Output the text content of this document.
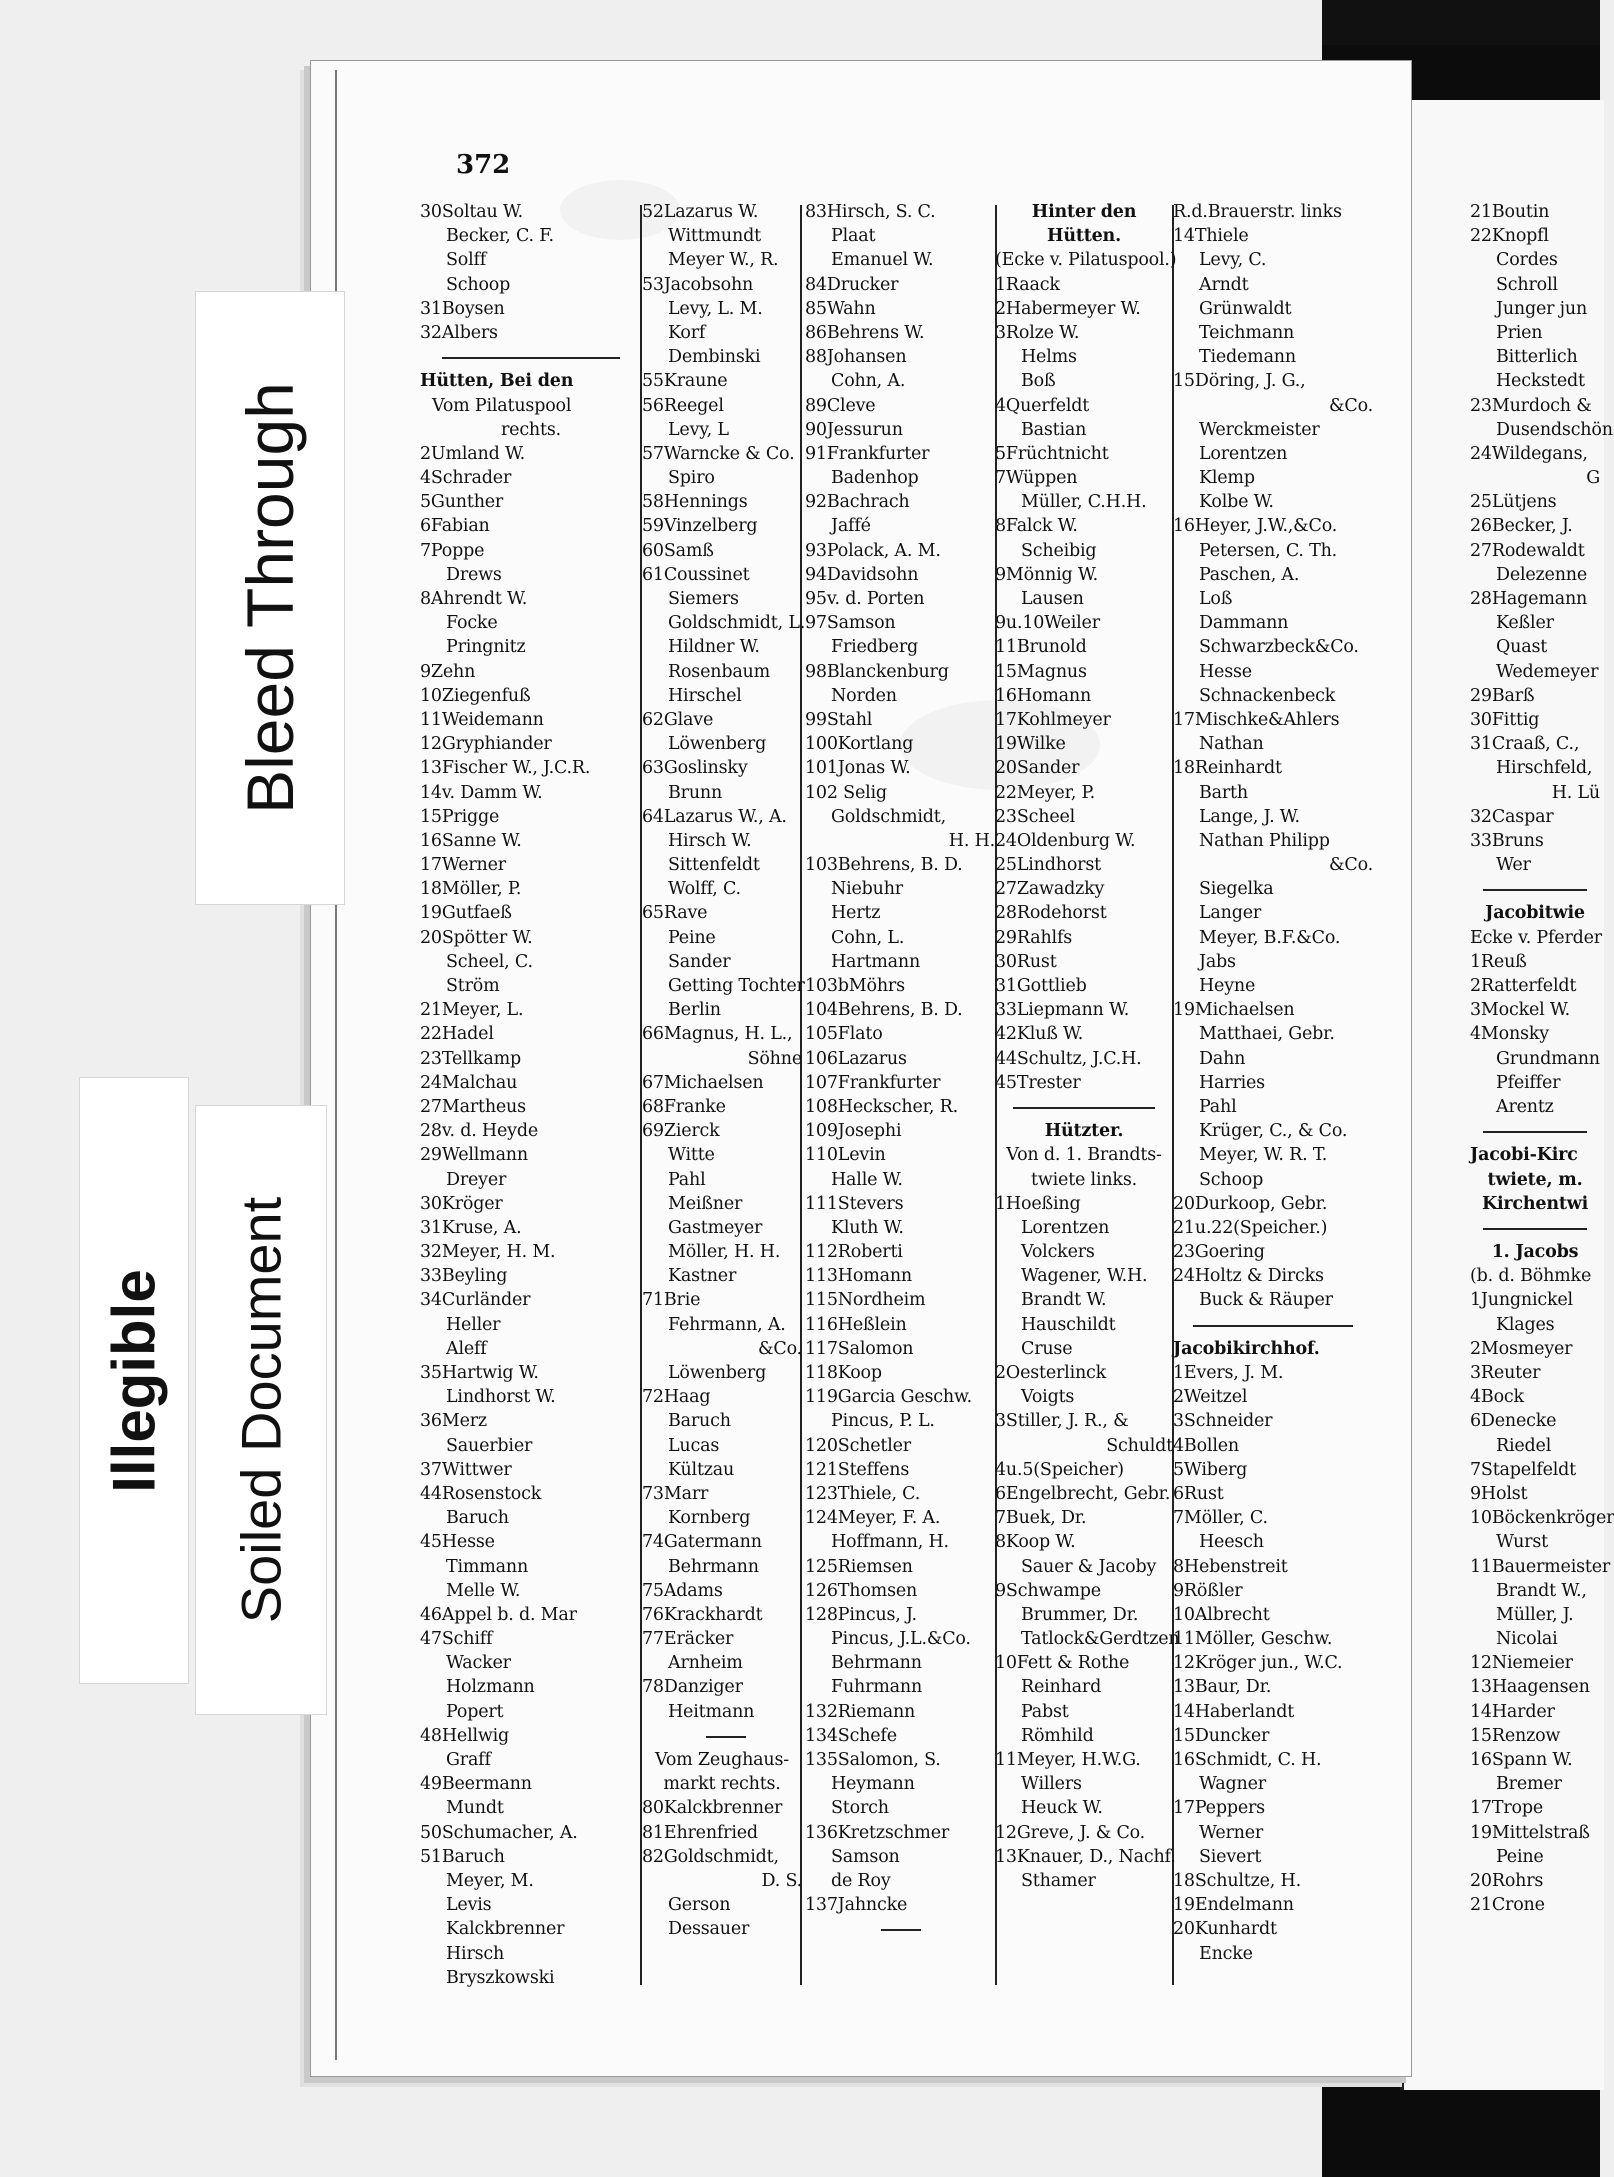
372
30Soltau W.
Becker, C. F.
Solff
Schoop
31Boysen
32Albers
Hütten, Bei den
Vom Pilatuspool
rechts.
2Umland W.
4Schrader
5Gunther
6Fabian
7Poppe
Drews
8Ahrendt W.
Focke
Pringnitz
9Zehn
10Ziegenfuß
11Weidemann
12Gryphiander
13Fischer W., J.C.R.
14v. Damm W.
15Prigge
16Sanne W.
17Werner
18Möller, P.
19Gutfaeß
20Spötter W.
Scheel, C.
Ström
21Meyer, L.
22Hadel
23Tellkamp
24Malchau
27Martheus
28v. d. Heyde
29Wellmann
Dreyer
30Kröger
31Kruse, A.
32Meyer, H. M.
33Beyling
34Curländer
Heller
Aleff
35Hartwig W.
Lindhorst W.
36Merz
Sauerbier
37Wittwer
44Rosenstock
Baruch
45Hesse
Timmann
Melle W.
46Appel b. d. Mar
47Schiff
Wacker
Holzmann
Popert
48Hellwig
Graff
49Beermann
Mundt
50Schumacher, A.
51Baruch
Meyer, M.
Levis
Kalckbrenner
Hirsch
Bryszkowski
52Lazarus W.
Wittmundt
Meyer W., R.
53Jacobsohn
Levy, L. M.
Korf
Dembinski
55Kraune
56Reegel
Levy, L
57Warncke & Co.
Spiro
58Hennings
59Vinzelberg
60Samß
61Coussinet
Siemers
Goldschmidt, L.
Hildner W.
Rosenbaum
Hirschel
62Glave
Löwenberg
63Goslinsky
Brunn
64Lazarus W., A.
Hirsch W.
Sittenfeldt
Wolff, C.
65Rave
Peine
Sander
Getting Tochter
Berlin
66Magnus, H. L.,
Söhne
67Michaelsen
68Franke
69Zierck
Witte
Pahl
Meißner
Gastmeyer
Möller, H. H.
Kastner
71Brie
Fehrmann, A.
&Co.
Löwenberg
72Haag
Baruch
Lucas
Kültzau
73Marr
Kornberg
74Gatermann
Behrmann
75Adams
76Krackhardt
77Eräcker
Arnheim
78Danziger
Heitmann
Vom Zeughaus-
markt rechts.
80Kalckbrenner
81Ehrenfried
82Goldschmidt,
D. S.
Gerson
Dessauer
83Hirsch, S. C.
Plaat
Emanuel W.
84Drucker
85Wahn
86Behrens W.
88Johansen
Cohn, A.
89Cleve
90Jessurun
91Frankfurter
Badenhop
92Bachrach
Jaffé
93Polack, A. M.
94Davidsohn
95v. d. Porten
97Samson
Friedberg
98Blanckenburg
Norden
99Stahl
100Kortlang
101Jonas W.
102 Selig
Goldschmidt,
H. H.
103Behrens, B. D.
Niebuhr
Hertz
Cohn, L.
Hartmann
103bMöhrs
104Behrens, B. D.
105Flato
106Lazarus
107Frankfurter
108Heckscher, R.
109Josephi
110Levin
Halle W.
111Stevers
Kluth W.
112Roberti
113Homann
115Nordheim
116Heßlein
117Salomon
118Koop
119Garcia Geschw.
Pincus, P. L.
120Schetler
121Steffens
123Thiele, C.
124Meyer, F. A.
Hoffmann, H.
125Riemsen
126Thomsen
128Pincus, J.
Pincus, J.L.&Co.
Behrmann
Fuhrmann
132Riemann
134Schefe
135Salomon, S.
Heymann
Storch
136Kretzschmer
Samson
de Roy
137Jahncke
Hinter den
Hütten.
(Ecke v. Pilatuspool.)
1Raack
2Habermeyer W.
3Rolze W.
Helms
Boß
4Querfeldt
Bastian
5Früchtnicht
7Wüppen
Müller, C.H.H.
8Falck W.
Scheibig
9Mönnig W.
Lausen
9u.10Weiler
11Brunold
15Magnus
16Homann
17Kohlmeyer
19Wilke
20Sander
22Meyer, P.
23Scheel
24Oldenburg W.
25Lindhorst
27Zawadzky
28Rodehorst
29Rahlfs
30Rust
31Gottlieb
33Liepmann W.
42Kluß W.
44Schultz, J.C.H.
45Trester
Hützter.
Von d. 1. Brandts-
twiete links.
1Hoeßing
Lorentzen
Volckers
Wagener, W.H.
Brandt W.
Hauschildt
Cruse
2Oesterlinck
Voigts
3Stiller, J. R., &
Schuldt
4u.5(Speicher)
6Engelbrecht, Gebr.
7Buek, Dr.
8Koop W.
Sauer & Jacoby
9Schwampe
Brummer, Dr.
Tatlock&Gerdtzen
10Fett & Rothe
Reinhard
Pabst
Römhild
11Meyer, H.W.G.
Willers
Heuck W.
12Greve, J. & Co.
13Knauer, D., Nachf.
Sthamer
R.d.Brauerstr. links
14Thiele
Levy, C.
Arndt
Grünwaldt
Teichmann
Tiedemann
15Döring, J. G.,
&Co.
Werckmeister
Lorentzen
Klemp
Kolbe W.
16Heyer, J.W.,&Co.
Petersen, C. Th.
Paschen, A.
Loß
Dammann
Schwarzbeck&Co.
Hesse
Schnackenbeck
17Mischke&Ahlers
Nathan
18Reinhardt
Barth
Lange, J. W.
Nathan Philipp
&Co.
Siegelka
Langer
Meyer, B.F.&Co.
Jabs
Heyne
19Michaelsen
Matthaei, Gebr.
Dahn
Harries
Pahl
Krüger, C., & Co.
Meyer, W. R. T.
Schoop
20Durkoop, Gebr.
21u.22(Speicher.)
23Goering
24Holtz & Dircks
Buck & Räuper
Jacobikirchhof.
1Evers, J. M.
2Weitzel
3Schneider
4Bollen
5Wiberg
6Rust
7Möller, C.
Heesch
8Hebenstreit
9Rößler
10Albrecht
11Möller, Geschw.
12Kröger jun., W.C.
13Baur, Dr.
14Haberlandt
15Duncker
16Schmidt, C. H.
Wagner
17Peppers
Werner
Sievert
18Schultze, H.
19Endelmann
20Kunhardt
Encke
21Boutin
22Knopfl
Cordes
Schroll
Junger jun
Prien
Bitterlich
Heckstedt
23Murdoch &
Dusendschön
24Wildegans,
G
25Lütjens
26Becker, J.
27Rodewaldt
Delezenne
28Hagemann
Keßler
Quast
Wedemeyer
29Barß
30Fittig
31Craaß, C.,
Hirschfeld,
H. Lü
32Caspar
33Bruns
Wer
Jacobitwie
Ecke v. Pferder
1Reuß
2Ratterfeldt
3Mockel W.
4Monsky
Grundmann
Pfeiffer
Arentz
Jacobi-Kirc
twiete, m.
Kirchentwi
1. Jacobs
(b. d. Böhmke
1Jungnickel
Klages
2Mosmeyer
3Reuter
4Bock
6Denecke
Riedel
7Stapelfeldt
9Holst
10Böckenkröger
Wurst
11Bauermeister
Brandt W.,
Müller, J.
Nicolai
12Niemeier
13Haagensen
14Harder
15Renzow
16Spann W.
Bremer
17Trope
19Mittelstraß
Peine
20Rohrs
21Crone
Bleed Through
Illegible Soiled Document
